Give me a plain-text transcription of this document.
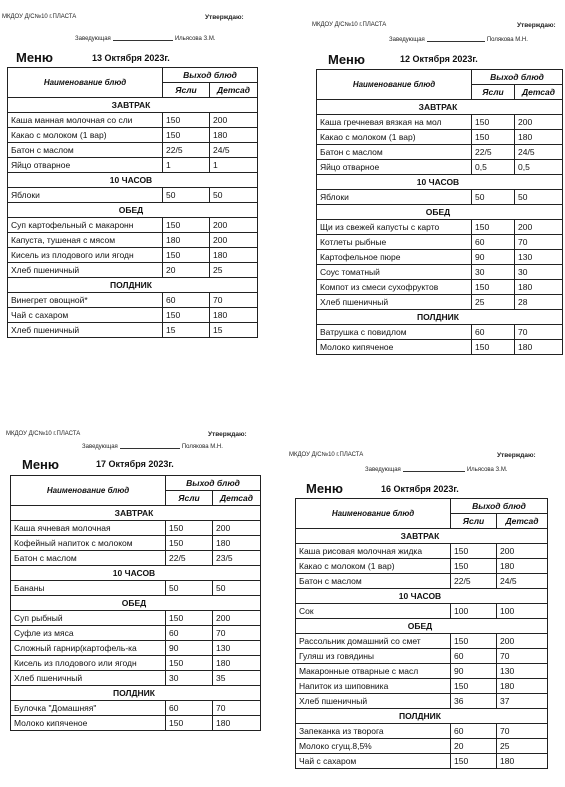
МКДОУ Д/С№10 г.ПЛАСТА	Утверждаю:
Заведующая	Ильясова З.М.
Меню	13 Октября 2023г.
Наименование блюд	Выход блюд	
	Ясли	Детсад
ЗАВТРАК		
Каша манная молочная со сли	150	200
Какао с молоком (1 вар)	150	180
Батон с маслом	22/5	24/5
Яйцо отварное	1	1
10 ЧАСОВ		
Яблоки	50	50
ОБЕД		
Суп картофельный с макаронн	150	200
Капуста, тушеная с мясом	180	200
Кисель из плодового или ягодн	150	180
Хлеб пшеничный	20	25
ПОЛДНИК		
Винегрет овощной*	60	70
Чай с сахаром	150	180
Хлеб пшеничный	15	15
МКДОУ Д/С№10 г.ПЛАСТА	Утверждаю:
Заведующая	Полякова М.Н.
Меню	12 Октября 2023г.
Наименование блюд	Выход блюд	
	Ясли	Детсад
ЗАВТРАК		
Каша гречневая вязкая на мол	150	200
Какао с молоком (1 вар)	150	180
Батон с маслом	22/5	24/5
Яйцо отварное	0,5	0,5
10 ЧАСОВ		
Яблоки	50	50
ОБЕД		
Щи из свежей капусты с карто	150	200
Котлеты рыбные	60	70
Картофельное пюре	90	130
Соус томатный	30	30
Компот из смеси сухофруктов	150	180
Хлеб пшеничный	25	28
ПОЛДНИК		
Ватрушка с повидлом	60	70
Молоко кипяченое	150	180
МКДОУ Д/С№10 г.ПЛАСТА	Утверждаю:
Заведующая	Полякова М.Н.
Меню	17 Октября 2023г.
Наименование блюд	Выход блюд	
	Ясли	Детсад
ЗАВТРАК		
Каша ячневая молочная	150	200
Кофейный напиток с молоком	150	180
Батон с маслом	22/5	23/5
10 ЧАСОВ		
Бананы	50	50
ОБЕД		
Суп рыбный	150	200
Суфле из мяса	60	70
Сложный гарнир(картофель-ка	90	130
Кисель из плодового или ягодн	150	180
Хлеб пшеничный	30	35
ПОЛДНИК		
Булочка "Домашняя"	60	70
Молоко кипяченое	150	180
МКДОУ Д/С№10 г.ПЛАСТА	Утверждаю:
Заведующая	Ильясова З.М.
Меню	16 Октября 2023г.
Наименование блюд	Выход блюд	
	Ясли	Детсад
ЗАВТРАК		
Каша рисовая молочная жидка	150	200
Какао с молоком (1 вар)	150	180
Батон с маслом	22/5	24/5
10 ЧАСОВ		
Сок	100	100
ОБЕД		
Рассольник домашний со смет	150	200
Гуляш из говядины	60	70
Макаронные отварные с масл	90	130
Напиток из шиповника	150	180
Хлеб пшеничный	36	37
ПОЛДНИК		
Запеканка из творога	60	70
Молоко сгущ.8,5%	20	25
Чай с сахаром	150	180
